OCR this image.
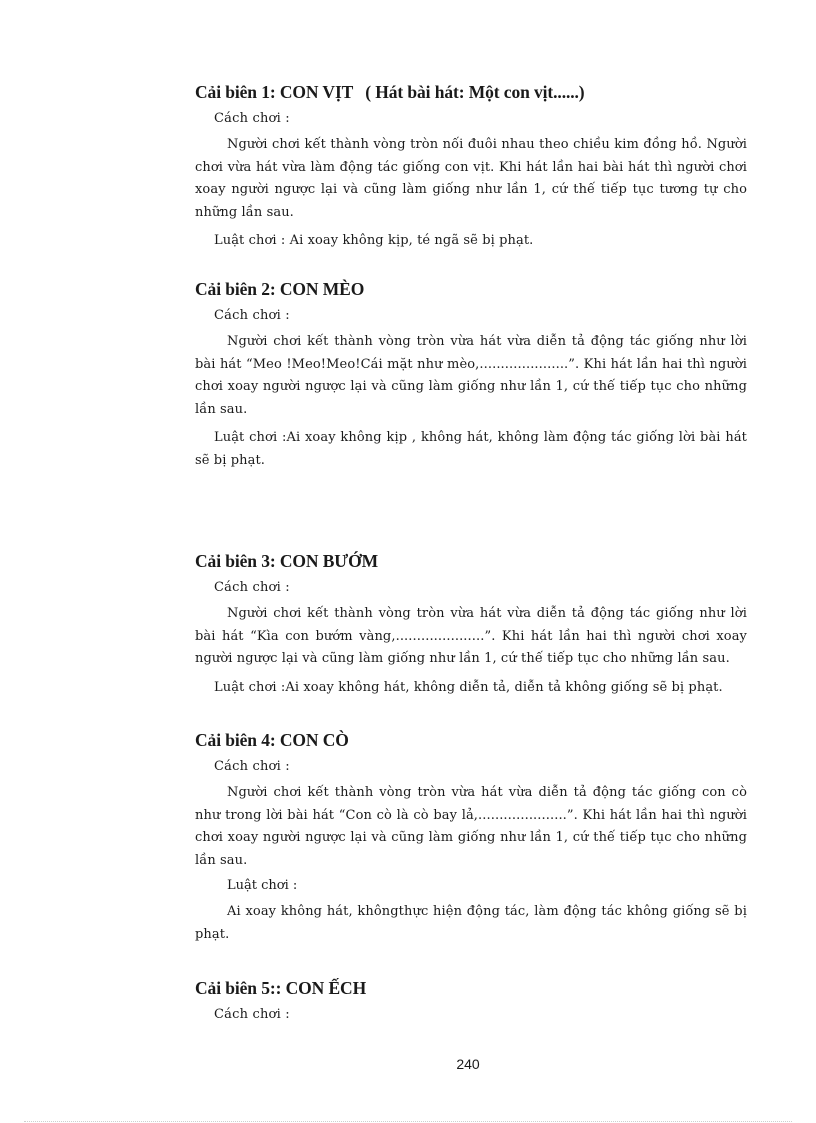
Cải biên 1: CON VỊT ( Hát bài hát: Một con vịt......)
Cách chơi :

Người chơi kết thành vòng tròn nối đuôi nhau theo chiều kim đồng hồ. Người chơi vừa hát vừa làm động tác giống con vịt. Khi hát lần hai bài hát thì người chơi xoay người ngược lại và cũng làm giống như lần 1, cứ thế tiếp tục tương tự cho những lần sau.

Luật chơi : Ai xoay không kịp, té ngã sẽ bị phạt.

Cải biên 2: CON MÈO
Cách chơi :

Người chơi kết thành vòng tròn vừa hát vừa diễn tả động tác giống như lời bài hát “Meo !Meo!Meo!Cái mặt như mèo,.....................”. Khi hát lần hai thì người chơi xoay người ngược lại và cũng làm giống như lần 1, cứ thế tiếp tục cho những lần sau.

Luật chơi :Ai xoay không kịp , không hát, không làm động tác giống lời bài hát sẽ bị phạt.

Cải biên 3: CON BƯỚM
Cách chơi :

Người chơi kết thành vòng tròn vừa hát vừa diễn tả động tác giống như lời bài hát “Kìa con bướm vàng,.....................”. Khi hát lần hai thì người chơi xoay người ngược lại và cũng làm giống như lần 1, cứ thế tiếp tục cho những lần sau.

Luật chơi :Ai xoay không hát, không diễn tả, diễn tả không giống sẽ bị phạt.

Cải biên 4: CON CÒ
Cách chơi :

Người chơi kết thành vòng tròn vừa hát vừa diễn tả động tác giống con cò như trong lời bài hát “Con cò là cò bay lả,.....................”. Khi hát lần hai thì người chơi xoay người ngược lại và cũng làm giống như lần 1, cứ thế tiếp tục cho những lần sau.

Luật chơi :

Ai xoay không hát, khôngthực hiện động tác, làm động tác không giống sẽ bị phạt.

Cải biên 5:: CON ẾCH
Cách chơi :
240
